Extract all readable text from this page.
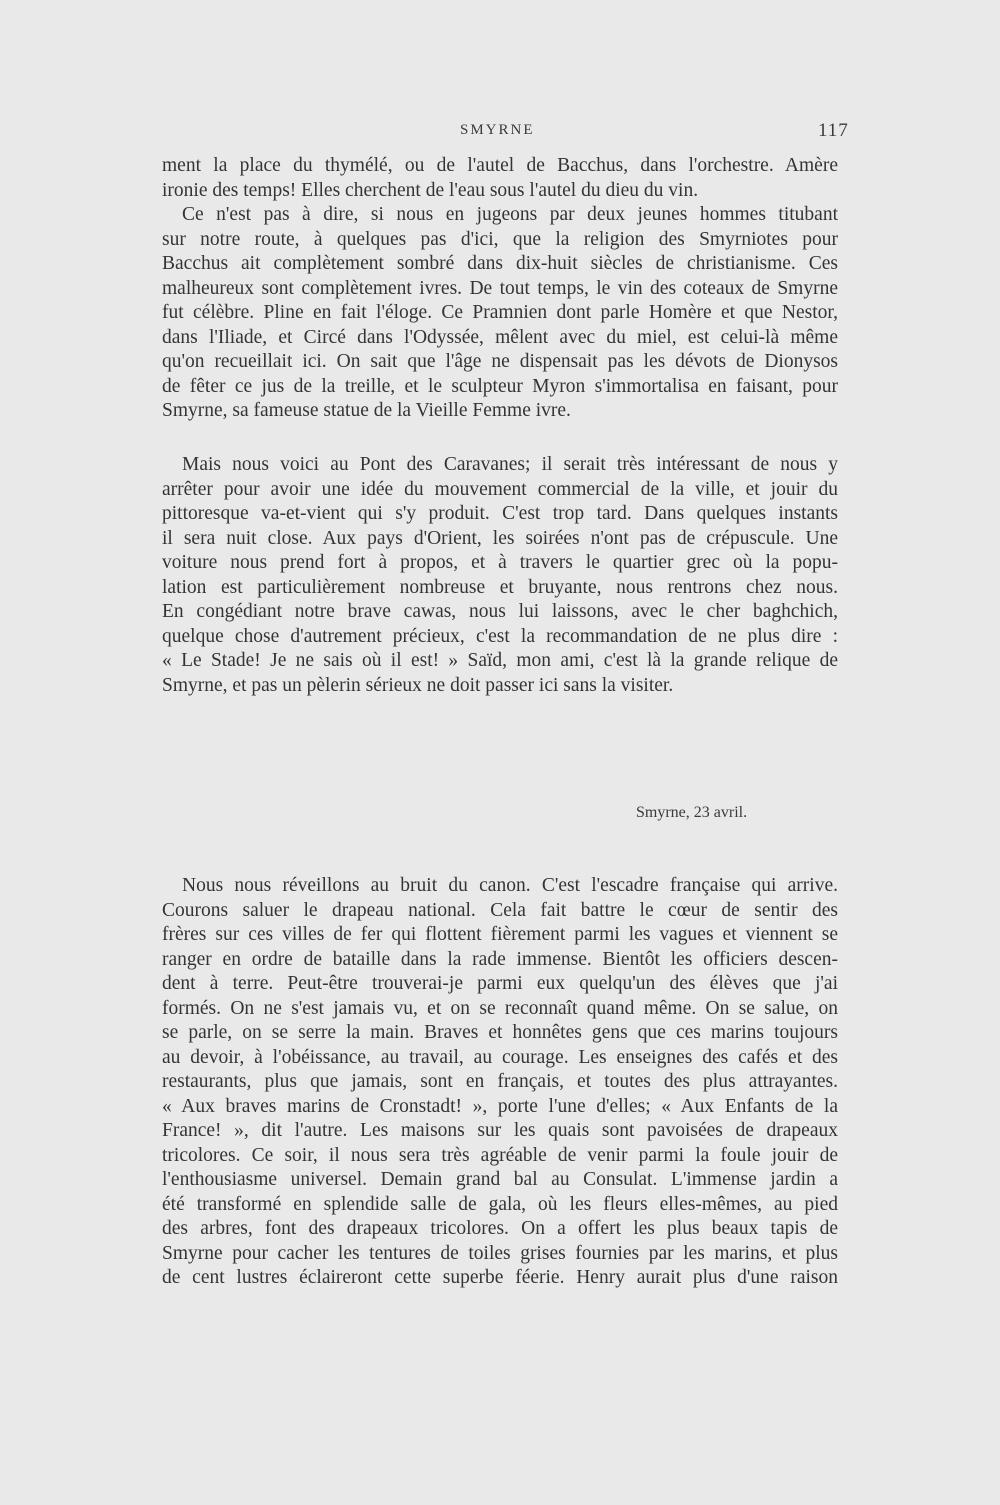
SMYRNE	117

ment la place du thymélé, ou de l'autel de Bacchus, dans l'orchestre. Amère
ironie des temps! Elles cherchent de l'eau sous l'autel du dieu du vin.

Ce n'est pas à dire, si nous en jugeons par deux jeunes hommes titubant
sur notre route, à quelques pas d'ici, que la religion des Smyrniotes pour
Bacchus ait complètement sombré dans dix-huit siècles de christianisme. Ces
malheureux sont complètement ivres. De tout temps, le vin des coteaux de Smyrne
fut célèbre. Pline en fait l'éloge. Ce Pramnien dont parle Homère et que Nestor,
dans l'Iliade, et Circé dans l'Odyssée, mêlent avec du miel, est celui-là même
qu'on recueillait ici. On sait que l'âge ne dispensait pas les dévots de Dionysos
de fêter ce jus de la treille, et le sculpteur Myron s'immortalisa en faisant, pour
Smyrne, sa fameuse statue de la Vieille Femme ivre.

Mais nous voici au Pont des Caravanes; il serait très intéressant de nous y
arrêter pour avoir une idée du mouvement commercial de la ville, et jouir du
pittoresque va-et-vient qui s'y produit. C'est trop tard. Dans quelques instants
il sera nuit close. Aux pays d'Orient, les soirées n'ont pas de crépuscule. Une
voiture nous prend fort à propos, et à travers le quartier grec où la popu-
lation est particulièrement nombreuse et bruyante, nous rentrons chez nous.
En congédiant notre brave cawas, nous lui laissons, avec le cher baghchich,
quelque chose d'autrement précieux, c'est la recommandation de ne plus dire :
« Le Stade! Je ne sais où il est! » Saïd, mon ami, c'est là la grande relique de
Smyrne, et pas un pèlerin sérieux ne doit passer ici sans la visiter.

Smyrne, 23 avril.

Nous nous réveillons au bruit du canon. C'est l'escadre française qui arrive.
Courons saluer le drapeau national. Cela fait battre le cœur de sentir des
frères sur ces villes de fer qui flottent fièrement parmi les vagues et viennent se
ranger en ordre de bataille dans la rade immense. Bientôt les officiers descen-
dent à terre. Peut-être trouverai-je parmi eux quelqu'un des élèves que j'ai
formés. On ne s'est jamais vu, et on se reconnaît quand même. On se salue, on
se parle, on se serre la main. Braves et honnêtes gens que ces marins toujours
au devoir, à l'obéissance, au travail, au courage. Les enseignes des cafés et des
restaurants, plus que jamais, sont en français, et toutes des plus attrayantes.
« Aux braves marins de Cronstadt! », porte l'une d'elles; « Aux Enfants de la
France! », dit l'autre. Les maisons sur les quais sont pavoisées de drapeaux
tricolores. Ce soir, il nous sera très agréable de venir parmi la foule jouir de
l'enthousiasme universel. Demain grand bal au Consulat. L'immense jardin a
été transformé en splendide salle de gala, où les fleurs elles-mêmes, au pied
des arbres, font des drapeaux tricolores. On a offert les plus beaux tapis de
Smyrne pour cacher les tentures de toiles grises fournies par les marins, et plus
de cent lustres éclaireront cette superbe féerie. Henry aurait plus d'une raison
